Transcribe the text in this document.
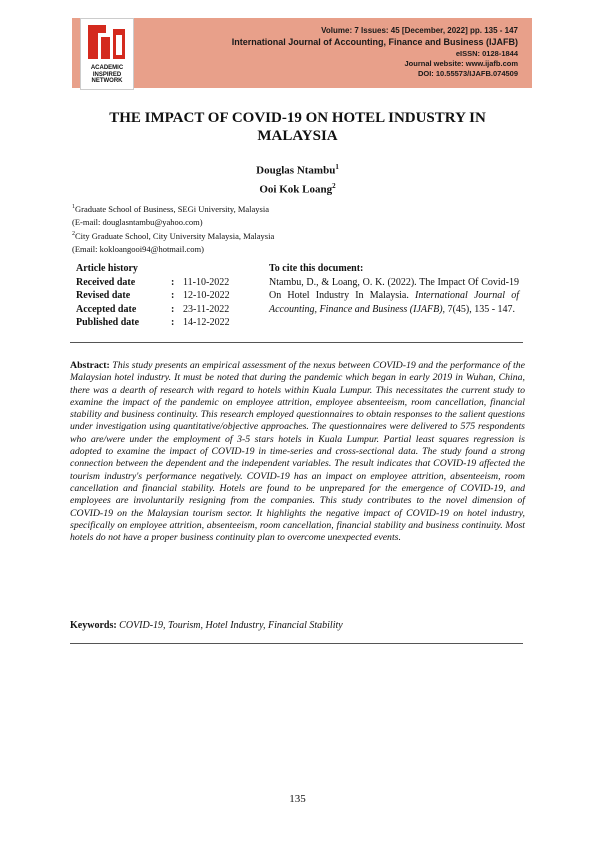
Volume: 7 Issues: 45 [December, 2022] pp. 135 - 147
International Journal of Accounting, Finance and Business (IJAFB)
eISSN: 0128-1844
Journal website: www.ijafb.com
DOI: 10.55573/IJAFB.074509
ACADEMIC
INSPIRED
NETWORK
THE IMPACT OF COVID-19 ON HOTEL INDUSTRY IN
MALAYSIA
Douglas Ntambu$^1$
Ooi Kok Loang$^2$
$^1$Graduate School of Business, SEGi University, Malaysia
(E-mail: douglasntambu@yahoo.com)
$^2$City Graduate School, City University Malaysia, Malaysia
(Email: kokloangooi94@hotmail.com)
Article history
Received date	: 11-10-2022
Revised date	: 12-10-2022
Accepted date	: 23-11-2022
Published date	: 14-12-2022
To cite this document:
Ntambu, D., & Loang, O. K. (2022). The Impact Of Covid-19 On Hotel Industry In Malaysia. International Journal of Accounting, Finance and Business (IJAFB), 7(45), 135 - 147.
Abstract: This study presents an empirical assessment of the nexus between COVID-19 and the performance of the Malaysian hotel industry. It must be noted that during the pandemic which began in early 2019 in Wuhan, China, there was a dearth of research with regard to hotels within Kuala Lumpur. This necessitates the current study to examine the impact of the pandemic on employee attrition, employee absenteeism, room cancellation, financial stability and business continuity. This research employed questionnaires to obtain responses to the salient questions under investigation using quantitative/objective approaches. The questionnaires were delivered to 575 respondents who are/were under the employment of 3-5 stars hotels in Kuala Lumpur. Partial least squares regression is adopted to examine the impact of COVID-19 in time-series and cross-sectional data. The study found a strong connection between the dependent and the independent variables. The result indicates that COVID-19 affected the tourism industry's performance negatively. COVID-19 has an impact on employee attrition, absenteeism, room cancellation and financial stability. Hotels are found to be unprepared for the emergence of COVID-19, and employees are involuntarily resigning from the companies. This study contributes to the novel dimension of COVID-19 on the Malaysian tourism sector. It highlights the negative impact of COVID-19 on hotel industry, specifically on employee attrition, absenteeism, room cancellation, financial stability and business continuity. Most hotels do not have a proper business continuity plan to overcome unexpected events.
Keywords: COVID-19, Tourism, Hotel Industry, Financial Stability
135
